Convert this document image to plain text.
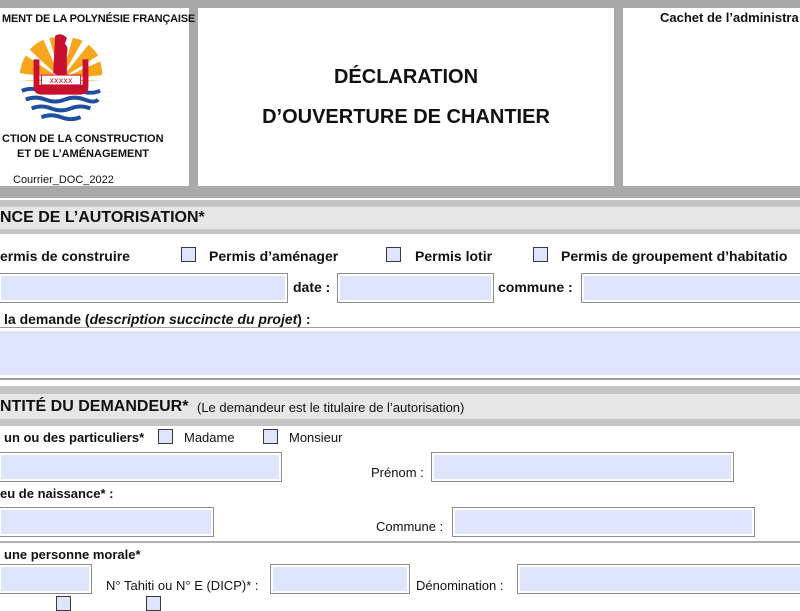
MENT DE LA POLYNÉSIE FRANÇAISE
xxxxx
CTION DE LA CONSTRUCTION
ET DE L’AMÉNAGEMENT
Courrier_DOC_2022
DÉCLARATION
D’OUVERTURE DE CHANTIER
Cachet de l’administra
NCE DE L’AUTORISATION*
ermis de construire	Permis d’aménager	Permis lotir	Permis de groupement d’habitatio
date :	commune :
la demande (description succincte du projet) :
NTITÉ DU DEMANDEUR* (Le demandeur est le titulaire de l’autorisation)
un ou des particuliers*	Madame	Monsieur
Prénom :
eu de naissance* :
Commune :
une personne morale*
N° Tahiti ou N° E (DICP)* :	Dénomination :
